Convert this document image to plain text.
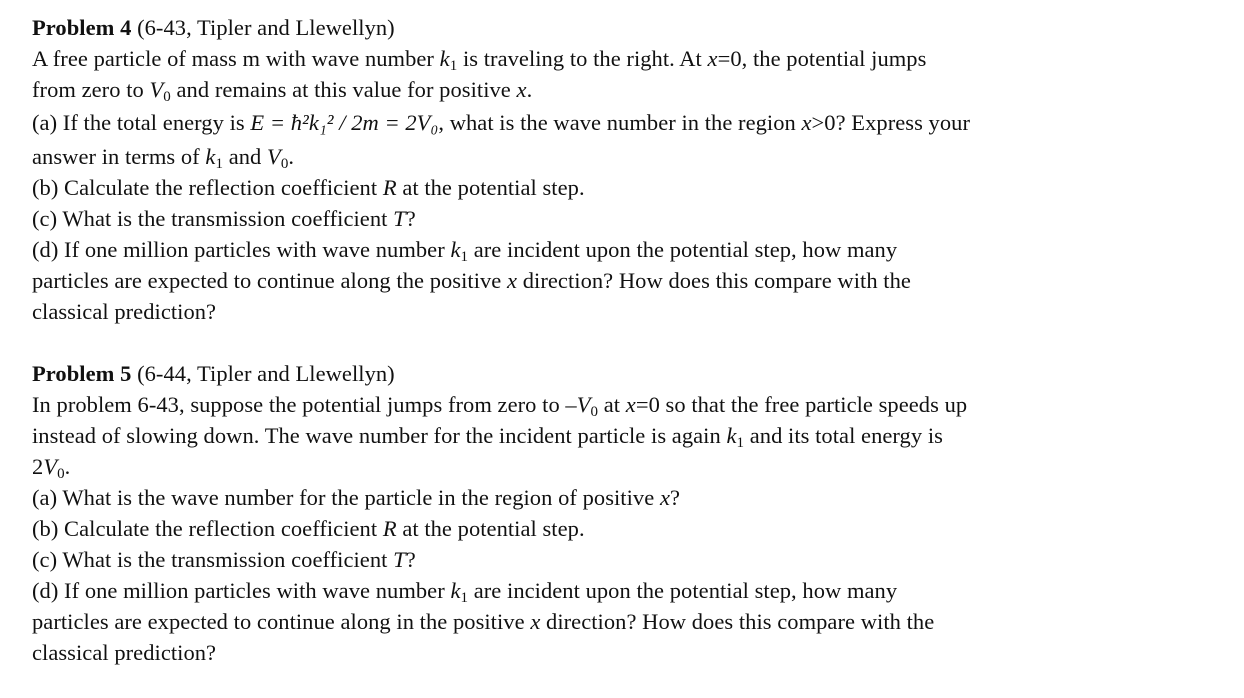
Problem 4 (6-43, Tipler and Llewellyn)
A free particle of mass m with wave number $k_1$ is traveling to the right. At x=0, the potential jumps
from zero to $V_0$ and remains at this value for positive x.
(a) If the total energy is E = ħ²k₁² / 2m = 2V₀, what is the wave number in the region x>0? Express your
answer in terms of $k_1$ and $V_0$.
(b) Calculate the reflection coefficient R at the potential step.
(c) What is the transmission coefficient T?
(d) If one million particles with wave number $k_1$ are incident upon the potential step, how many
particles are expected to continue along the positive x direction? How does this compare with the
classical prediction?
Problem 5 (6-44, Tipler and Llewellyn)
In problem 6-43, suppose the potential jumps from zero to $-V_0$ at x=0 so that the free particle speeds up
instead of slowing down. The wave number for the incident particle is again $k_1$ and its total energy is
$2V_0$.
(a) What is the wave number for the particle in the region of positive x?
(b) Calculate the reflection coefficient R at the potential step.
(c) What is the transmission coefficient T?
(d) If one million particles with wave number $k_1$ are incident upon the potential step, how many
particles are expected to continue along in the positive x direction? How does this compare with the
classical prediction?
